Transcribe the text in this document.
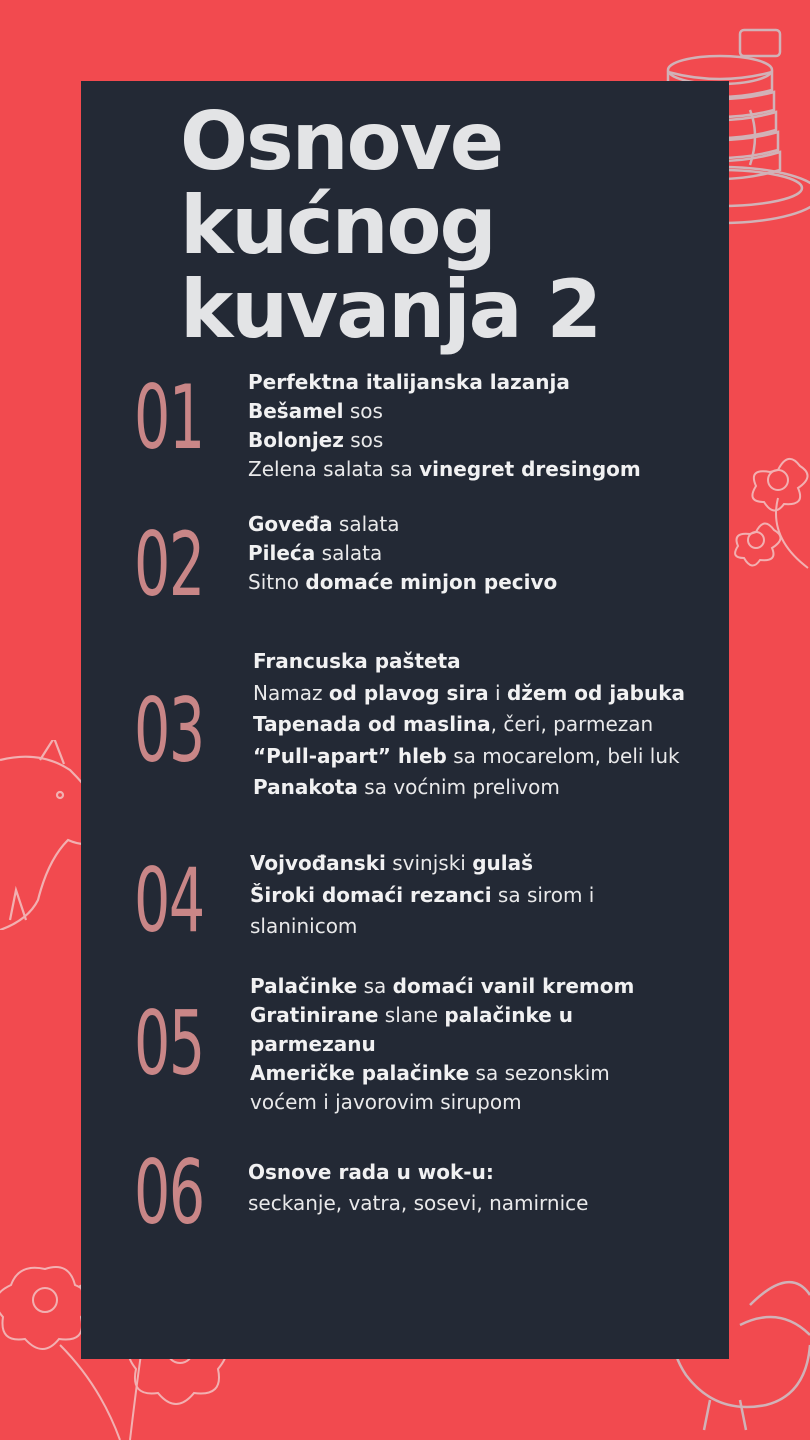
Osnove
kućnog
kuvanja 2
01
02
03
04
05
06
Perfektna italijanska lazanja
Bešamel sos
Bolonjez sos
Zelena salata sa vinegret dresingom
Goveđa salata
Pileća salata
Sitno domaće minjon pecivo
Francuska pašteta
Namaz od plavog sira i džem od jabuka
Tapenada od maslina, čeri, parmezan
“Pull-apart” hleb sa mocarelom, beli luk
Panakota sa voćnim prelivom
Vojvođanski svinjski gulaš
Široki domaći rezanci sa sirom i
slaninicom
Palačinke sa domaći vanil kremom
Gratinirane slane palačinke u
parmezanu
Američke palačinke sa sezonskim
voćem i javorovim sirupom
Osnove rada u wok-u:
seckanje, vatra, sosevi, namirnice
